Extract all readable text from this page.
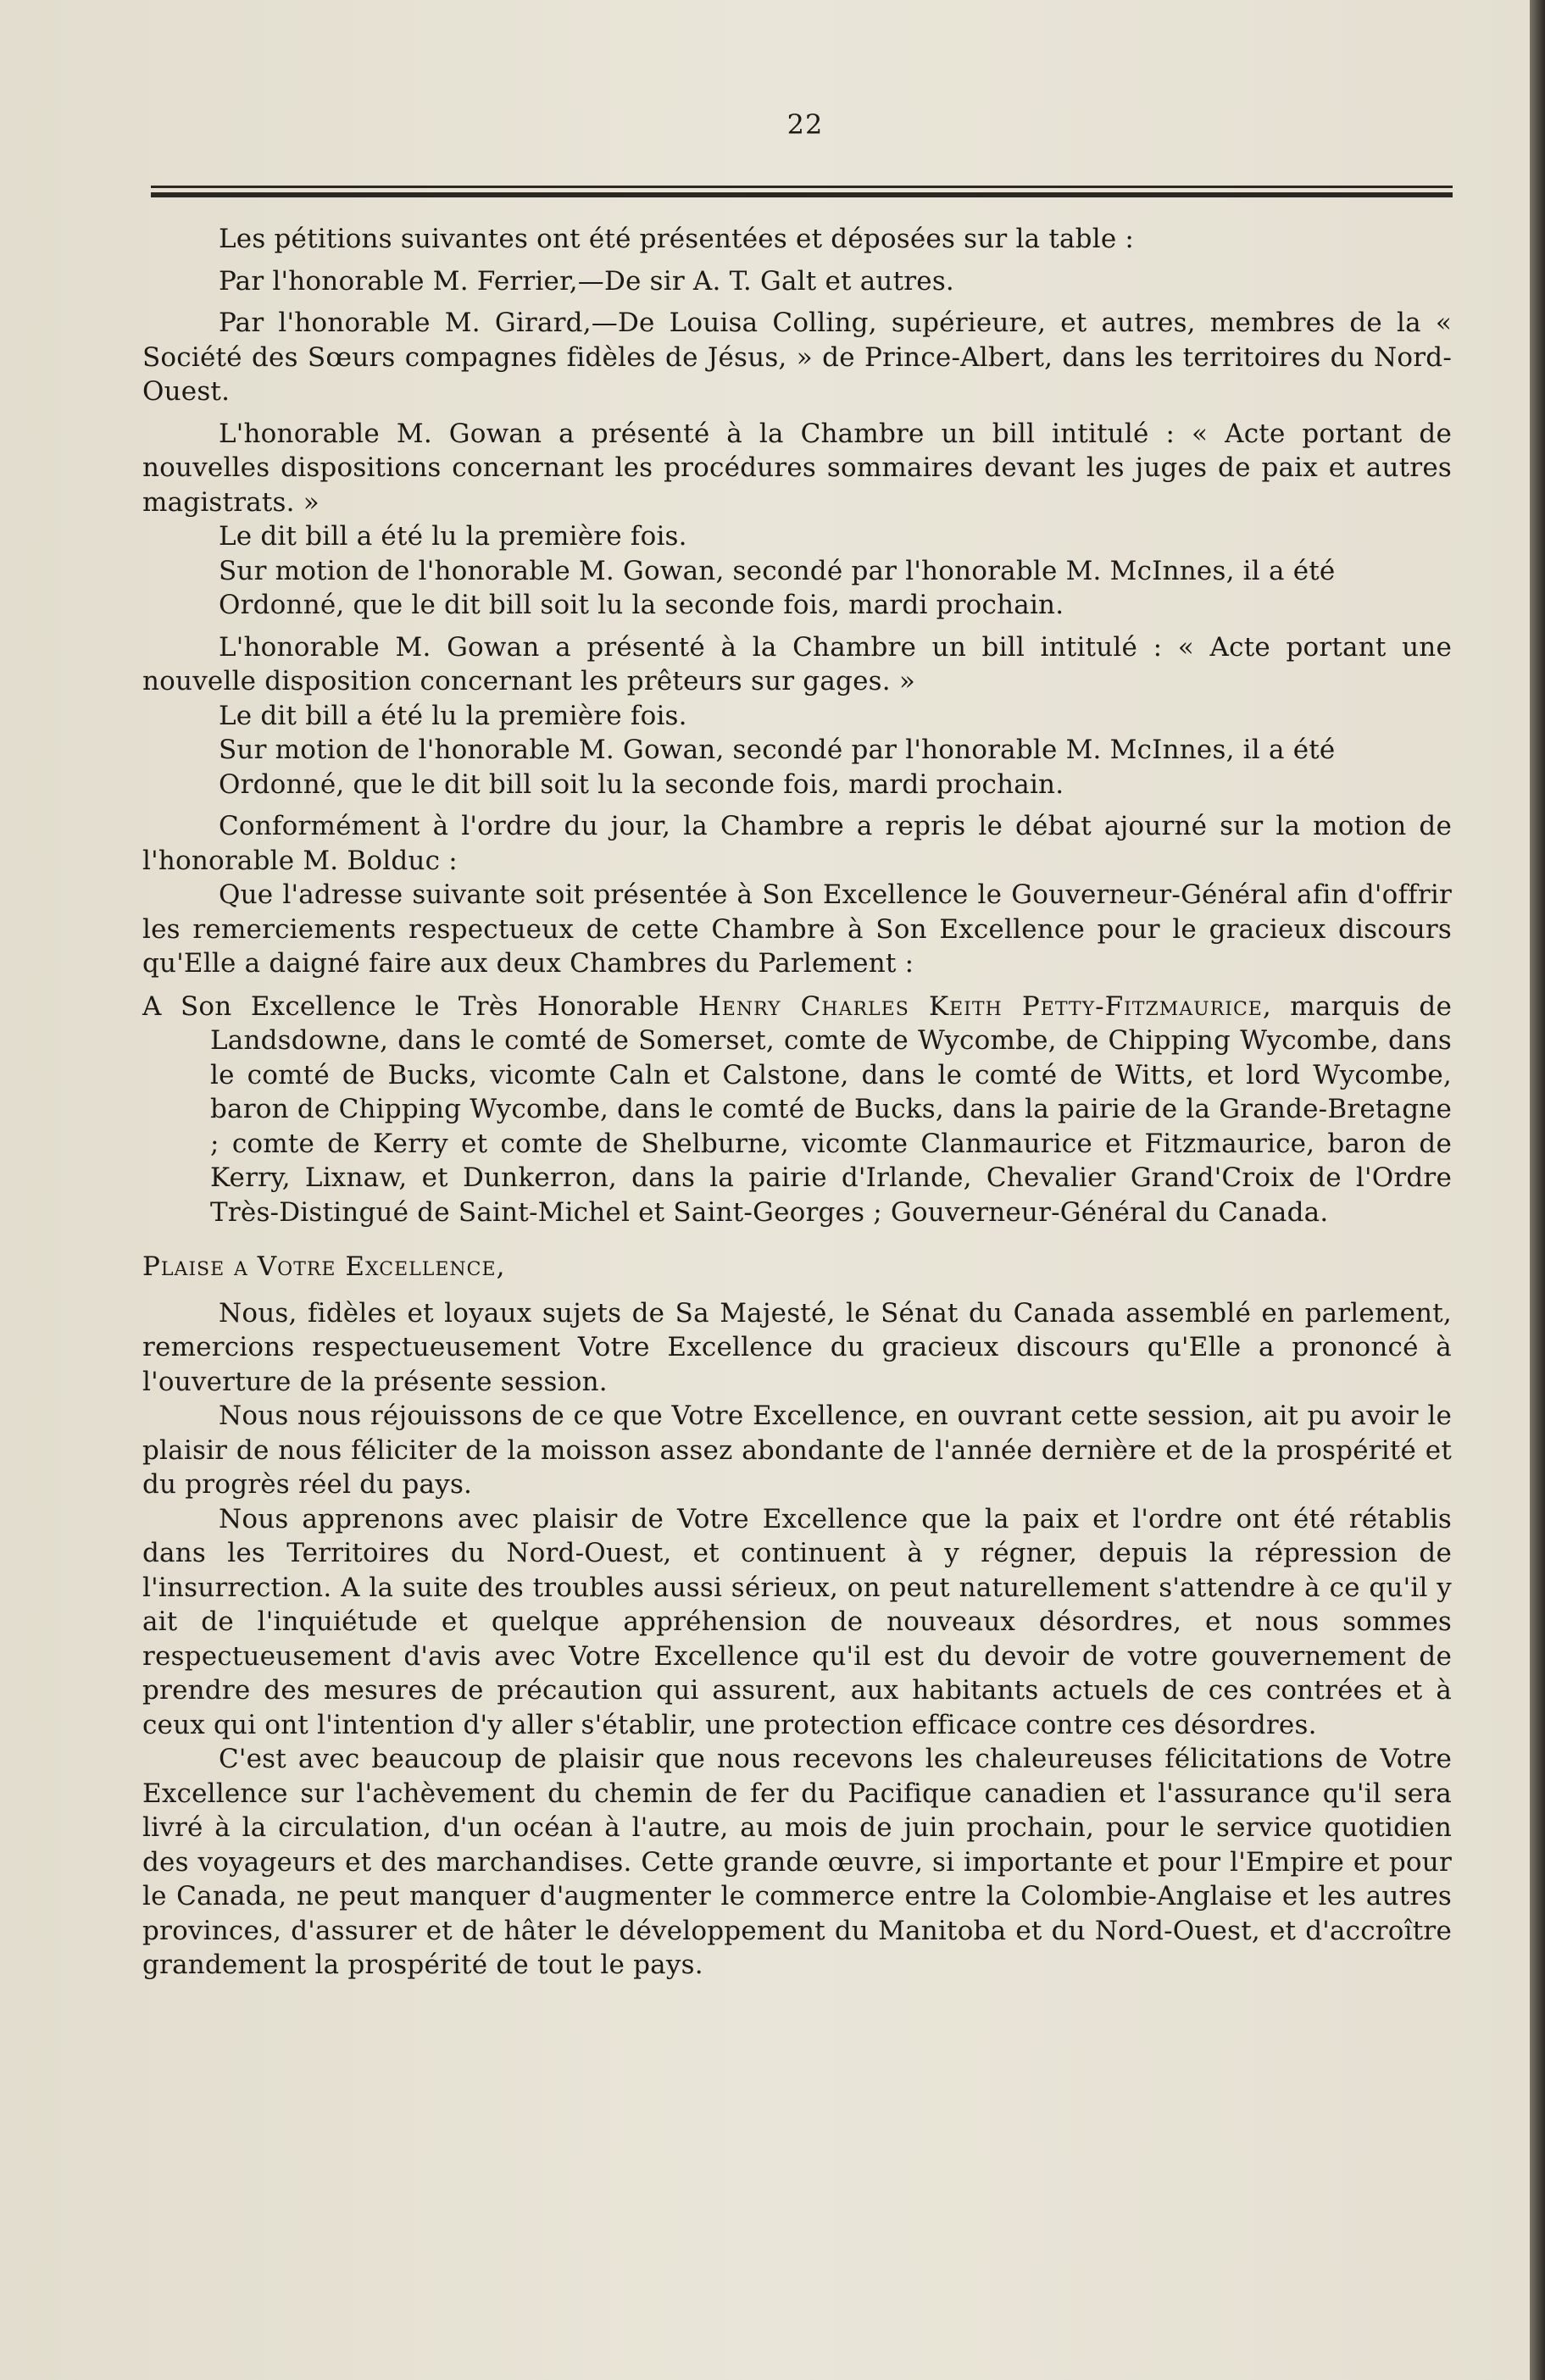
22

Les pétitions suivantes ont été présentées et déposées sur la table :

Par l'honorable M. Ferrier,—De sir A. T. Galt et autres.

Par l'honorable M. Girard,—De Louisa Colling, supérieure, et autres, membres de la « Société des Sœurs compagnes fidèles de Jésus, » de Prince-Albert, dans les territoires du Nord-Ouest.

L'honorable M. Gowan a présenté à la Chambre un bill intitulé : « Acte portant de nouvelles dispositions concernant les procédures sommaires devant les juges de paix et autres magistrats. »

Le dit bill a été lu la première fois.

Sur motion de l'honorable M. Gowan, secondé par l'honorable M. McInnes, il a été

Ordonné, que le dit bill soit lu la seconde fois, mardi prochain.

L'honorable M. Gowan a présenté à la Chambre un bill intitulé : « Acte portant une nouvelle disposition concernant les prêteurs sur gages. »

Le dit bill a été lu la première fois.

Sur motion de l'honorable M. Gowan, secondé par l'honorable M. McInnes, il a été

Ordonné, que le dit bill soit lu la seconde fois, mardi prochain.

Conformément à l'ordre du jour, la Chambre a repris le débat ajourné sur la motion de l'honorable M. Bolduc :

Que l'adresse suivante soit présentée à Son Excellence le Gouverneur-Général afin d'offrir les remerciements respectueux de cette Chambre à Son Excellence pour le gracieux discours qu'Elle a daigné faire aux deux Chambres du Parlement :

A Son Excellence le Très Honorable Henry Charles Keith Petty-Fitzmaurice, marquis de Landsdowne, dans le comté de Somerset, comte de Wycombe, de Chipping Wycombe, dans le comté de Bucks, vicomte Caln et Calstone, dans le comté de Witts, et lord Wycombe, baron de Chipping Wycombe, dans le comté de Bucks, dans la pairie de la Grande-Bretagne ; comte de Kerry et comte de Shelburne, vicomte Clanmaurice et Fitzmaurice, baron de Kerry, Lixnaw, et Dunkerron, dans la pairie d'Irlande, Chevalier Grand'Croix de l'Ordre Très-Distingué de Saint-Michel et Saint-Georges ; Gouverneur-Général du Canada.

Plaise a Votre Excellence,

Nous, fidèles et loyaux sujets de Sa Majesté, le Sénat du Canada assemblé en parlement, remercions respectueusement Votre Excellence du gracieux discours qu'Elle a prononcé à l'ouverture de la présente session.

Nous nous réjouissons de ce que Votre Excellence, en ouvrant cette session, ait pu avoir le plaisir de nous féliciter de la moisson assez abondante de l'année dernière et de la prospérité et du progrès réel du pays.

Nous apprenons avec plaisir de Votre Excellence que la paix et l'ordre ont été rétablis dans les Territoires du Nord-Ouest, et continuent à y régner, depuis la répression de l'insurrection. A la suite des troubles aussi sérieux, on peut naturellement s'attendre à ce qu'il y ait de l'inquiétude et quelque appréhension de nouveaux désordres, et nous sommes respectueusement d'avis avec Votre Excellence qu'il est du devoir de votre gouvernement de prendre des mesures de précaution qui assurent, aux habitants actuels de ces contrées et à ceux qui ont l'intention d'y aller s'établir, une protection efficace contre ces désordres.

C'est avec beaucoup de plaisir que nous recevons les chaleureuses félicitations de Votre Excellence sur l'achèvement du chemin de fer du Pacifique canadien et l'assurance qu'il sera livré à la circulation, d'un océan à l'autre, au mois de juin prochain, pour le service quotidien des voyageurs et des marchandises. Cette grande œuvre, si importante et pour l'Empire et pour le Canada, ne peut manquer d'augmenter le commerce entre la Colombie-Anglaise et les autres provinces, d'assurer et de hâter le développement du Manitoba et du Nord-Ouest, et d'accroître grandement la prospérité de tout le pays.
